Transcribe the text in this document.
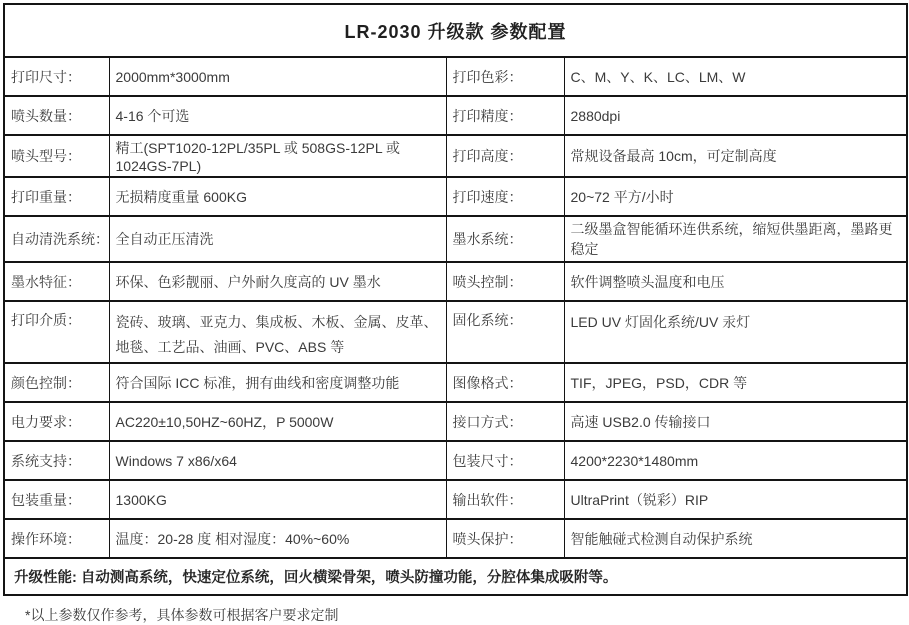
LR-2030 升级款 参数配置			
打印尺寸：	2000mm*3000mm	打印色彩：	C、M、Y、K、LC、LM、W
喷头数量：	4-16 个可选	打印精度：	2880dpi
喷头型号：	精工(SPT1020-12PL/35PL 或 508GS-12PL 或 1024GS-7PL)	打印高度：	常规设备最高 10cm，可定制高度
打印重量：	无损精度重量 600KG	打印速度：	20~72 平方/小时
自动清洗系统：	全自动正压清洗	墨水系统：	二级墨盒智能循环连供系统，缩短供墨距离，墨路更稳定
墨水特征：	环保、色彩靓丽、户外耐久度高的 UV 墨水	喷头控制：	软件调整喷头温度和电压
打印介质：	瓷砖、玻璃、亚克力、集成板、木板、金属、皮革、地毯、工艺品、油画、PVC、ABS 等	固化系统：	LED UV 灯固化系统/UV 汞灯
颜色控制：	符合国际 ICC 标准，拥有曲线和密度调整功能	图像格式：	TIF，JPEG，PSD，CDR 等
电力要求：	AC220±10,50HZ~60HZ，P 5000W	接口方式：	高速 USB2.0 传输接口
系统支持：	Windows 7 x86/x64	包装尺寸：	4200*2230*1480mm
包装重量：	1300KG	输出软件：	UltraPrint（锐彩）RIP
操作环境：	温度：20-28 度 相对湿度：40%~60%	喷头保护：	智能触碰式检测自动保护系统
升级性能: 自动测高系统，快速定位系统，回火横梁骨架，喷头防撞功能，分腔体集成吸附等。			
*以上参数仅作参考，具体参数可根据客户要求定制
